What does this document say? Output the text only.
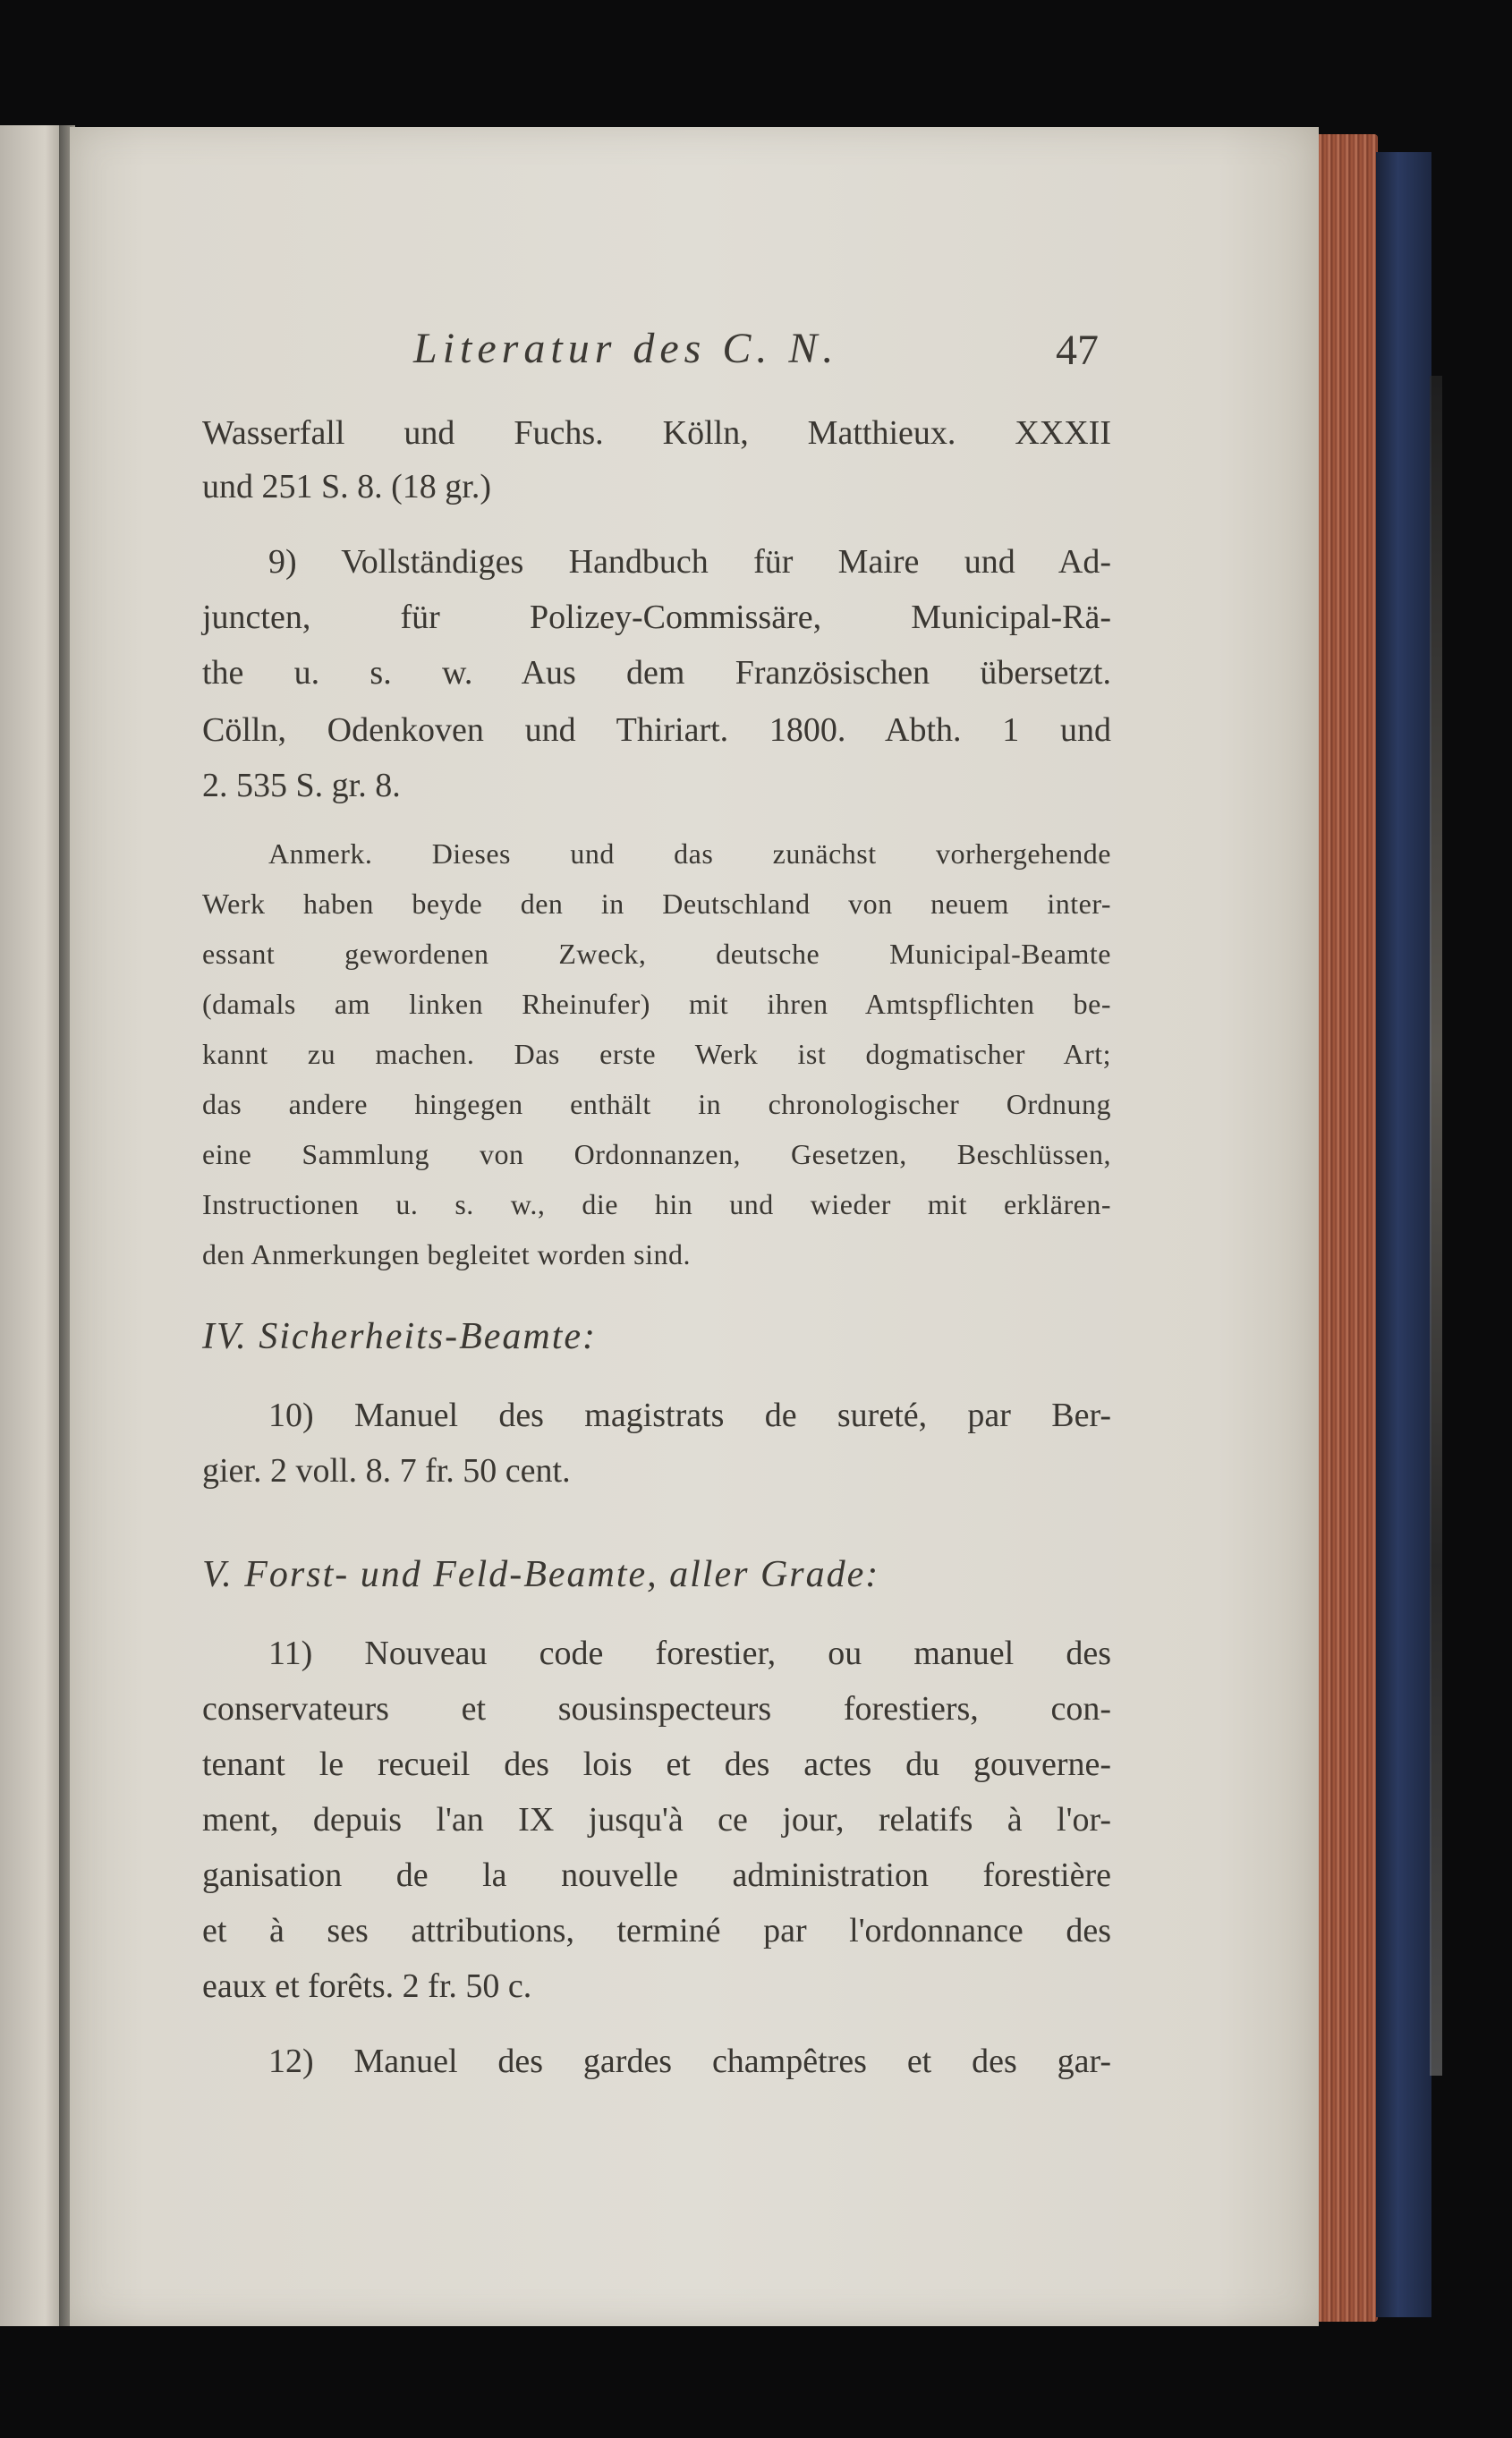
Literatur des C. N.	47
Wasserfall und Fuchs. Kölln, Matthieux. XXXII
und 251 S. 8. (18 gr.)
9) Vollständiges Handbuch für Maire und Ad-
juncten, für Polizey-Commissäre, Municipal-Rä-
the u. s. w. Aus dem Französischen übersetzt.
Cölln, Odenkoven und Thiriart. 1800. Abth. 1 und
2. 535 S. gr. 8.
Anmerk. Dieses und das zunächst vorhergehende
Werk haben beyde den in Deutschland von neuem inter-
essant gewordenen Zweck, deutsche Municipal-Beamte
(damals am linken Rheinufer) mit ihren Amtspflichten be-
kannt zu machen. Das erste Werk ist dogmatischer Art;
das andere hingegen enthält in chronologischer Ordnung
eine Sammlung von Ordonnanzen, Gesetzen, Beschlüssen,
Instructionen u. s. w., die hin und wieder mit erklären-
den Anmerkungen begleitet worden sind.
IV. Sicherheits-Beamte:
10) Manuel des magistrats de sureté, par Ber-
gier. 2 voll. 8. 7 fr. 50 cent.
V. Forst- und Feld-Beamte, aller Grade:
11) Nouveau code forestier, ou manuel des
conservateurs et sousinspecteurs forestiers, con-
tenant le recueil des lois et des actes du gouverne-
ment, depuis l'an IX jusqu'à ce jour, relatifs à l'or-
ganisation de la nouvelle administration forestière
et à ses attributions, terminé par l'ordonnance des
eaux et forêts. 2 fr. 50 c.
12) Manuel des gardes champêtres et des gar-
